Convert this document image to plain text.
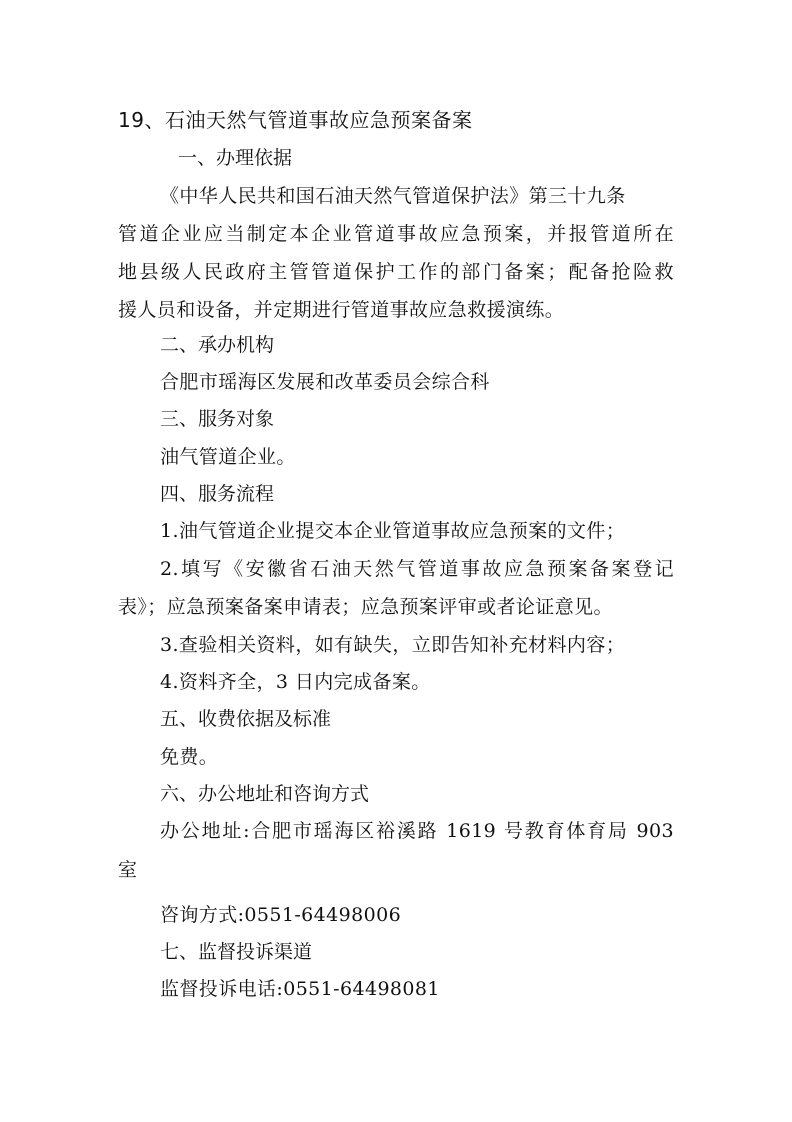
19、石油天然气管道事故应急预案备案
一、办理依据
《中华人民共和国石油天然气管道保护法》第三十九条
管道企业应当制定本企业管道事故应急预案，并报管道所在
地县级人民政府主管管道保护工作的部门备案；配备抢险救
援人员和设备，并定期进行管道事故应急救援演练。
二、承办机构
合肥市瑶海区发展和改革委员会综合科
三、服务对象
油气管道企业。
四、服务流程
1.油气管道企业提交本企业管道事故应急预案的文件；
2.填写《安徽省石油天然气管道事故应急预案备案登记
表》；应急预案备案申请表；应急预案评审或者论证意见。
3.查验相关资料，如有缺失，立即告知补充材料内容；
4.资料齐全，3 日内完成备案。
五、收费依据及标准
免费。
六、办公地址和咨询方式
办公地址:合肥市瑶海区裕溪路 1619 号教育体育局 903
室
咨询方式:0551-64498006
七、监督投诉渠道
监督投诉电话:0551-64498081
